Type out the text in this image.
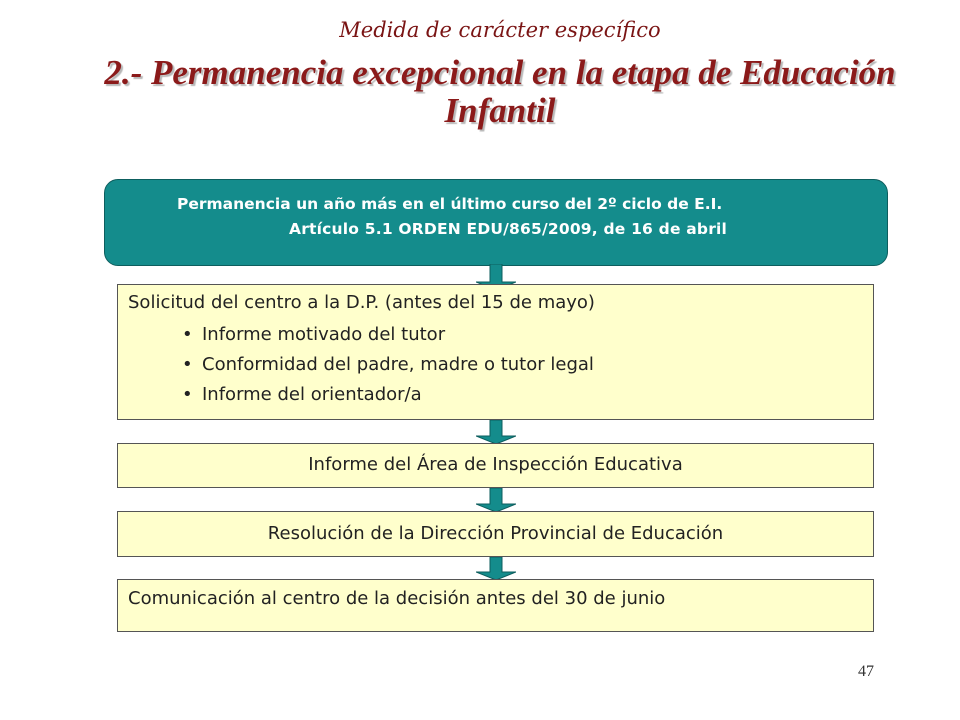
Medida de carácter específico
2.- Permanencia excepcional en la etapa de Educación
Infantil
Permanencia un año más en el último curso del 2º ciclo de E.I.
Artículo 5.1 ORDEN EDU/865/2009, de 16 de abril
Solicitud del centro a la D.P. (antes del 15 de mayo)
• Informe motivado del tutor
• Conformidad del padre, madre o tutor legal
• Informe del orientador/a
Informe del Área de Inspección Educativa
Resolución de la Dirección Provincial de Educación
Comunicación al centro de la decisión antes del 30 de junio
47
